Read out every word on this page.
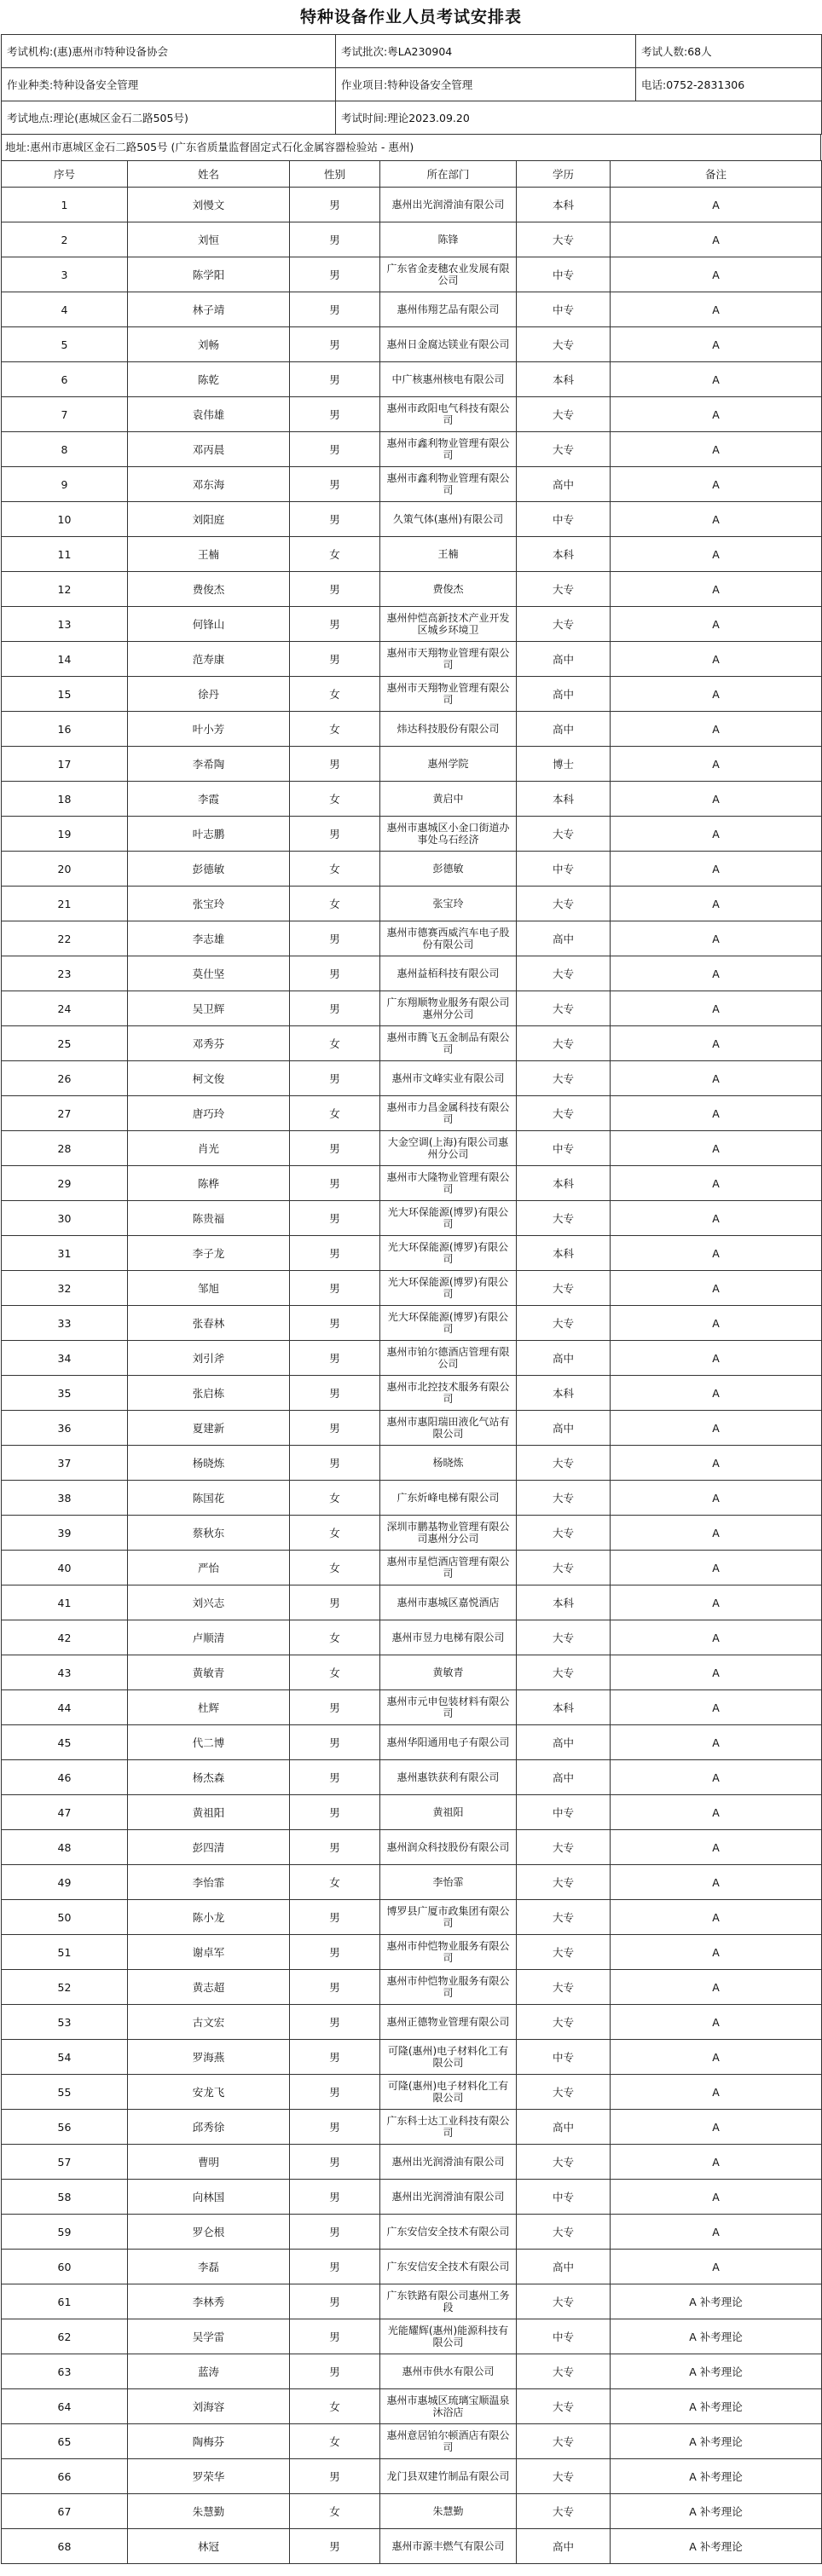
特种设备作业人员考试安排表
考试机构:(惠)惠州市特种设备协会	考试批次:粤LA230904	考试人数:68人
作业种类:特种设备安全管理	作业项目:特种设备安全管理	电话:0752-2831306
考试地点:理论(惠城区金石二路505号)	考试时间:理论2023.09.20	
地址:惠州市惠城区金石二路505号 (广东省质量监督固定式石化金属容器检验站 - 惠州)
序号	姓名	性别	所在部门	学历	备注
1	刘慢文	男	惠州出光润滑油有限公司	本科	A
2	刘恒	男	陈锋	大专	A
3	陈学阳	男	广东省金麦穗农业发展有限公司	中专	A
4	林子靖	男	惠州伟翔艺品有限公司	中专	A
5	刘畅	男	惠州日金腐达镁业有限公司	大专	A
6	陈乾	男	中广核惠州核电有限公司	本科	A
7	袁伟雄	男	惠州市政阳电气科技有限公司	大专	A
8	邓丙晨	男	惠州市鑫利物业管理有限公司	大专	A
9	邓东海	男	惠州市鑫利物业管理有限公司	高中	A
10	刘阳庭	男	久策气体(惠州)有限公司	中专	A
11	王楠	女	王楠	本科	A
12	费俊杰	男	费俊杰	大专	A
13	何锋山	男	惠州仲恺高新技术产业开发区城乡环境卫	大专	A
14	范寿康	男	惠州市天翔物业管理有限公司	高中	A
15	徐丹	女	惠州市天翔物业管理有限公司	高中	A
16	叶小芳	女	炜达科技股份有限公司	高中	A
17	李希陶	男	惠州学院	博士	A
18	李霞	女	黄启中	本科	A
19	叶志鹏	男	惠州市惠城区小金口街道办事处乌石经济	大专	A
20	彭德敏	女	彭德敏	中专	A
21	张宝玲	女	张宝玲	大专	A
22	李志雄	男	惠州市德赛西威汽车电子股份有限公司	高中	A
23	莫仕坚	男	惠州益栢科技有限公司	大专	A
24	吴卫辉	男	广东翔顺物业服务有限公司惠州分公司	大专	A
25	邓秀芬	女	惠州市腾飞五金制品有限公司	大专	A
26	柯文俊	男	惠州市文峰实业有限公司	大专	A
27	唐巧玲	女	惠州市力昌金属科技有限公司	大专	A
28	肖光	男	大金空调(上海)有限公司惠州分公司	中专	A
29	陈桦	男	惠州市大隆物业管理有限公司	本科	A
30	陈贵福	男	光大环保能源(博罗)有限公司	大专	A
31	李子龙	男	光大环保能源(博罗)有限公司	本科	A
32	邹旭	男	光大环保能源(博罗)有限公司	大专	A
33	张春林	男	光大环保能源(博罗)有限公司	大专	A
34	刘引斧	男	惠州市铂尔德酒店管理有限公司	高中	A
35	张启栋	男	惠州市北控技术服务有限公司	本科	A
36	夏建新	男	惠州市惠阳瑞田液化气站有限公司	高中	A
37	杨晓炼	男	杨晓炼	大专	A
38	陈国花	女	广东炘峰电梯有限公司	大专	A
39	蔡秋东	女	深圳市鹏基物业管理有限公司惠州分公司	大专	A
40	严怡	女	惠州市星恺酒店管理有限公司	大专	A
41	刘兴志	男	惠州市惠城区嘉悦酒店	本科	A
42	卢顺清	女	惠州市昱力电梯有限公司	大专	A
43	黄敏青	女	黄敏青	大专	A
44	杜辉	男	惠州市元申包装材料有限公司	本科	A
45	代二博	男	惠州华阳通用电子有限公司	高中	A
46	杨杰森	男	惠州惠铁获利有限公司	高中	A
47	黄祖阳	男	黄祖阳	中专	A
48	彭四清	男	惠州润众科技股份有限公司	大专	A
49	李怡霏	女	李怡霏	大专	A
50	陈小龙	男	博罗县广厦市政集团有限公司	大专	A
51	谢卓军	男	惠州市仲恺物业服务有限公司	大专	A
52	黄志超	男	惠州市仲恺物业服务有限公司	大专	A
53	古文宏	男	惠州正德物业管理有限公司	大专	A
54	罗海燕	男	可隆(惠州)电子材料化工有限公司	中专	A
55	安龙飞	男	可隆(惠州)电子材料化工有限公司	大专	A
56	邱秀徐	男	广东科士达工业科技有限公司	高中	A
57	曹明	男	惠州出光润滑油有限公司	大专	A
58	向林国	男	惠州出光润滑油有限公司	中专	A
59	罗仑根	男	广东安信安全技术有限公司	大专	A
60	李磊	男	广东安信安全技术有限公司	高中	A
61	李林秀	男	广东铁路有限公司惠州工务段	大专	A 补考理论
62	吴学雷	男	光能耀辉(惠州)能源科技有限公司	中专	A 补考理论
63	蓝涛	男	惠州市供水有限公司	大专	A 补考理论
64	刘海容	女	惠州市惠城区琉璃宝顺温泉沐浴店	大专	A 补考理论
65	陶梅芬	女	惠州意居铂尔顿酒店有限公司	大专	A 补考理论
66	罗荣华	男	龙门县双建竹制品有限公司	大专	A 补考理论
67	朱慧勤	女	朱慧勤	大专	A 补考理论
68	林冠	男	惠州市源丰燃气有限公司	高中	A 补考理论
